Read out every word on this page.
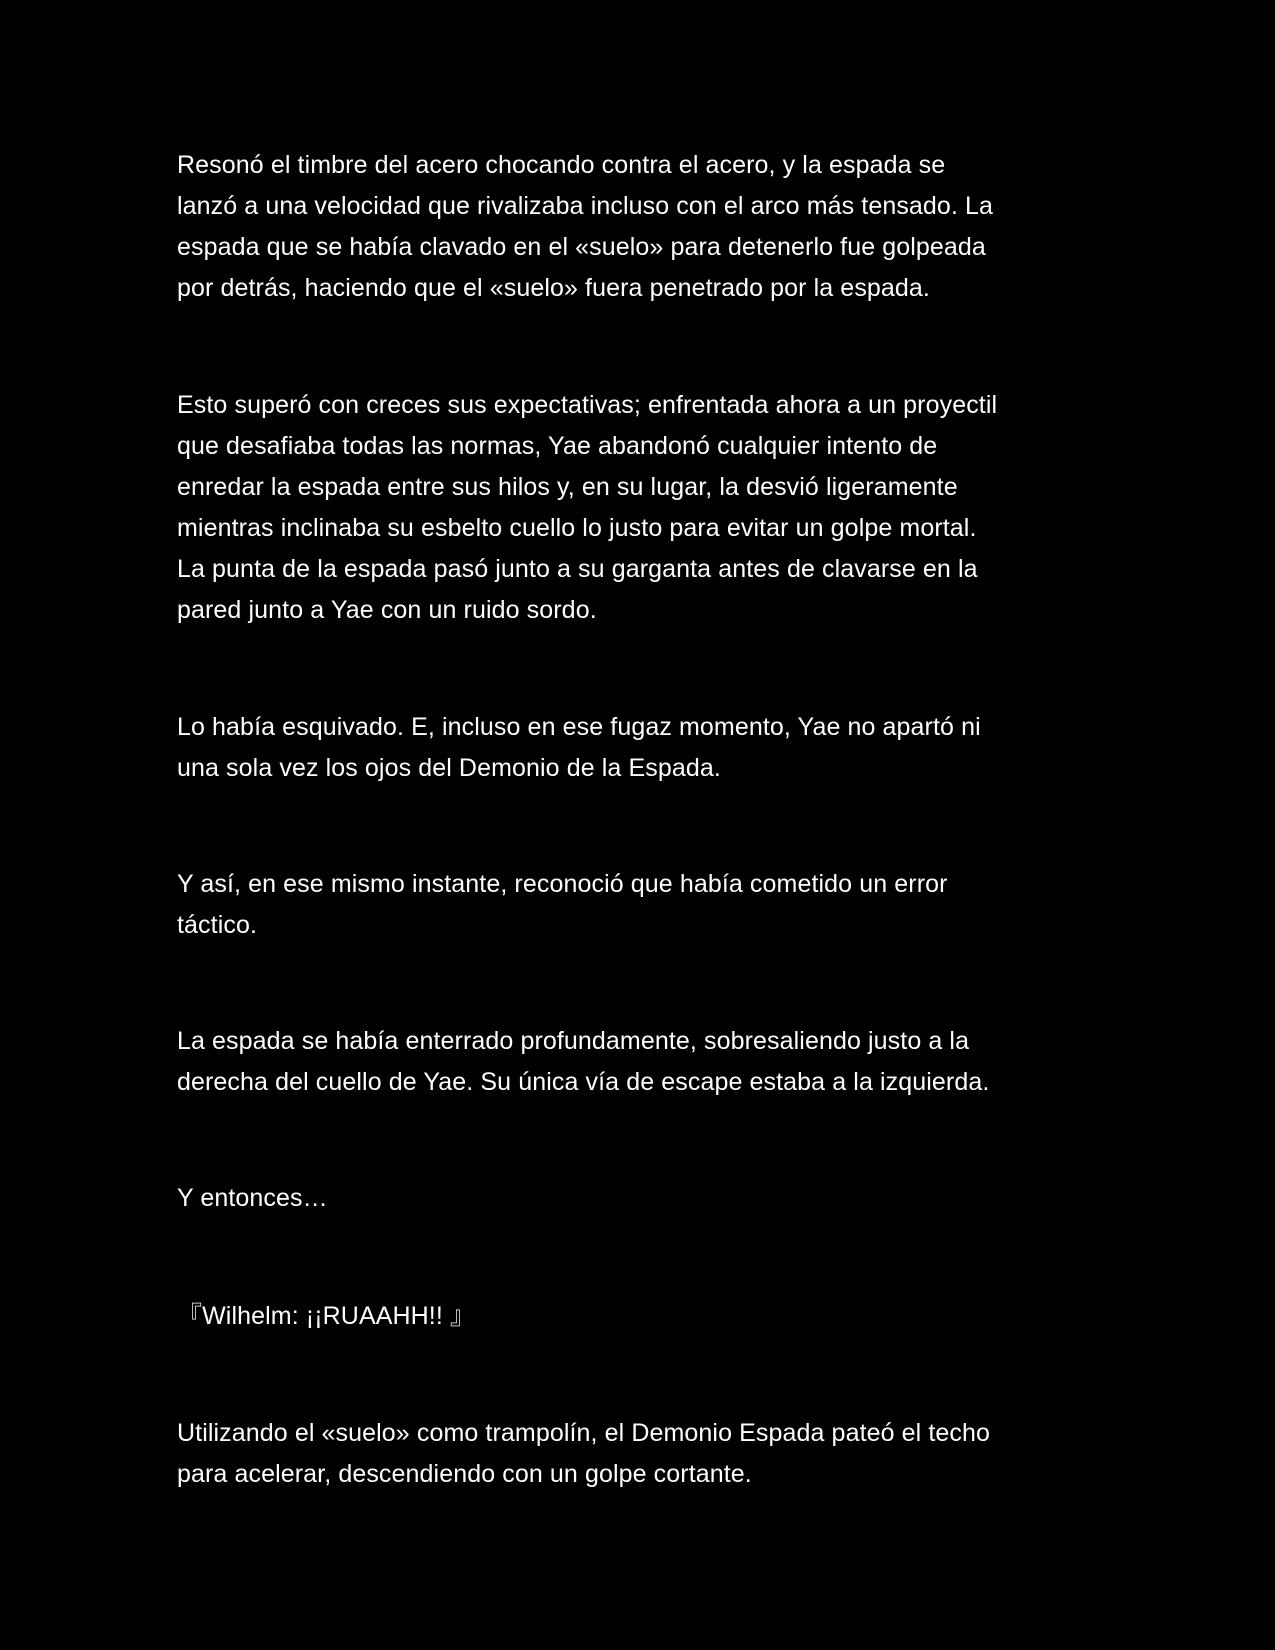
Resonó el timbre del acero chocando contra el acero, y la espada se
lanzó a una velocidad que rivalizaba incluso con el arco más tensado. La
espada que se había clavado en el «suelo» para detenerlo fue golpeada
por detrás, haciendo que el «suelo» fuera penetrado por la espada.

Esto superó con creces sus expectativas; enfrentada ahora a un proyectil
que desafiaba todas las normas, Yae abandonó cualquier intento de
enredar la espada entre sus hilos y, en su lugar, la desvió ligeramente
mientras inclinaba su esbelto cuello lo justo para evitar un golpe mortal.
La punta de la espada pasó junto a su garganta antes de clavarse en la
pared junto a Yae con un ruido sordo.

Lo había esquivado. E, incluso en ese fugaz momento, Yae no apartó ni
una sola vez los ojos del Demonio de la Espada.

Y así, en ese mismo instante, reconoció que había cometido un error
táctico.

La espada se había enterrado profundamente, sobresaliendo justo a la
derecha del cuello de Yae. Su única vía de escape estaba a la izquierda.

Y entonces…

『Wilhelm: ¡¡RUAAHH!! 』

Utilizando el «suelo» como trampolín, el Demonio Espada pateó el techo
para acelerar, descendiendo con un golpe cortante.
